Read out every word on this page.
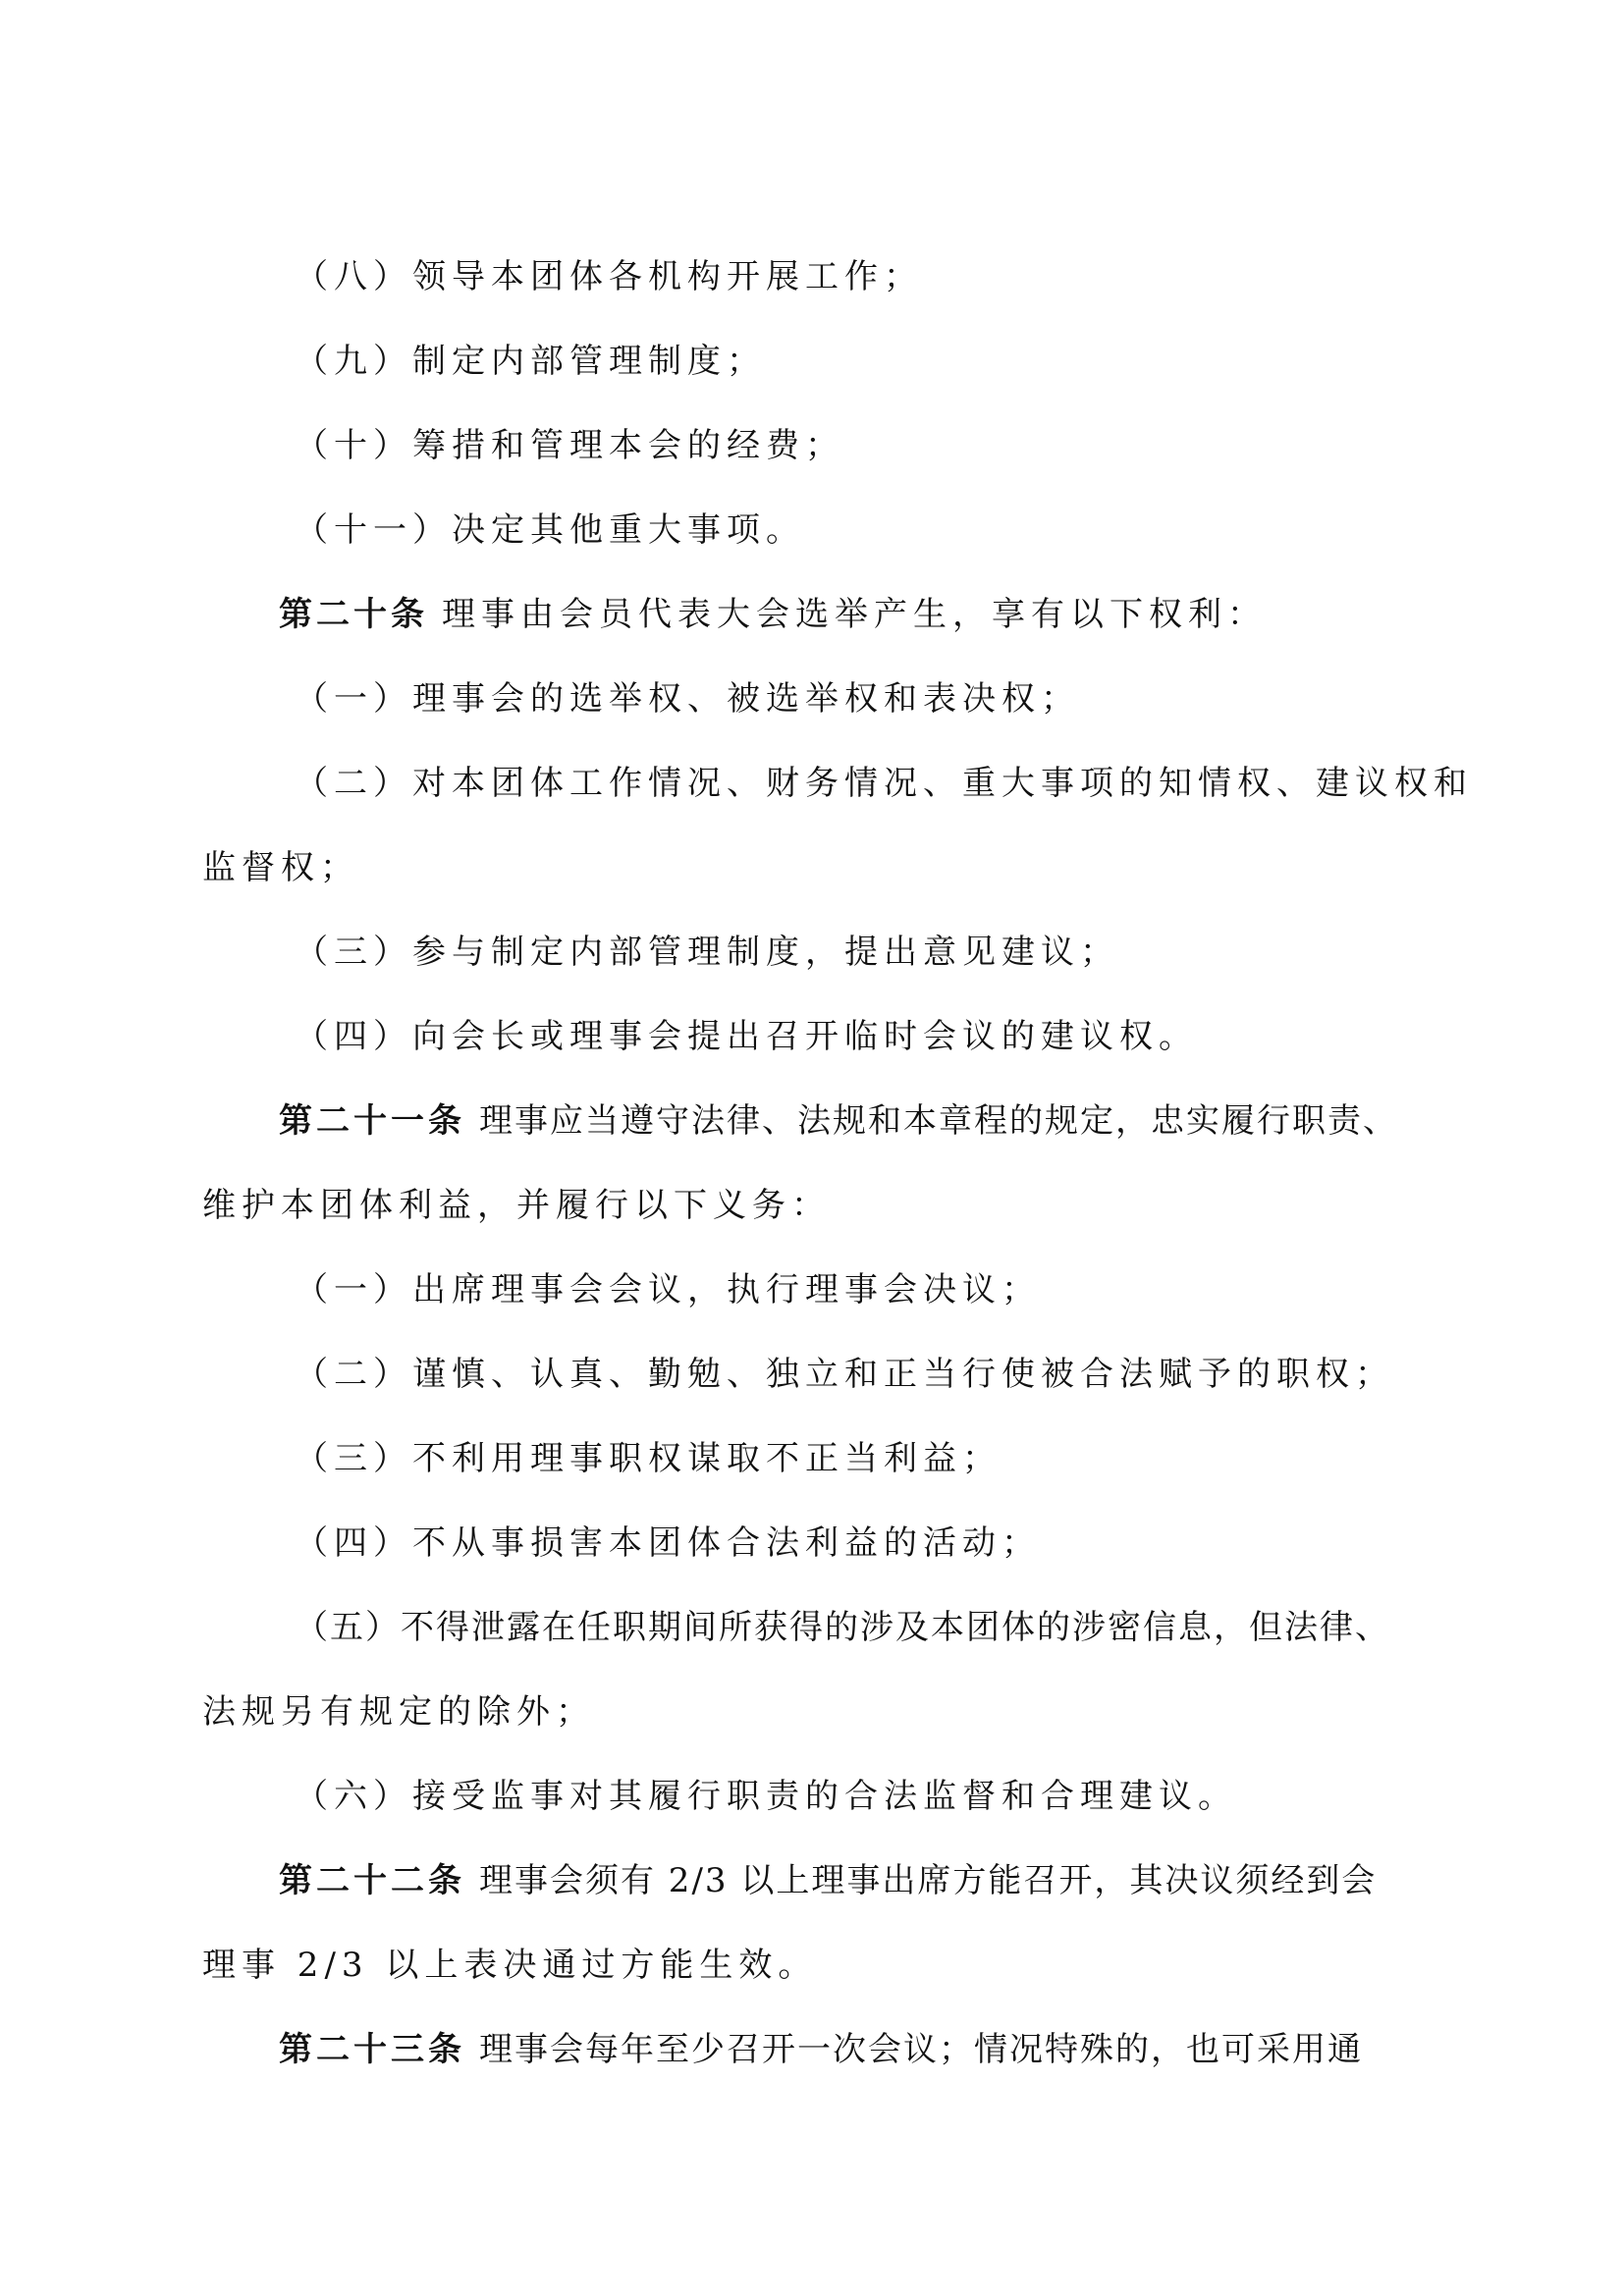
（八）领导本团体各机构开展工作；
（九）制定内部管理制度；
（十）筹措和管理本会的经费；
（十一）决定其他重大事项。
第二十条 理事由会员代表大会选举产生，享有以下权利：
（一）理事会的选举权、被选举权和表决权；
（二）对本团体工作情况、财务情况、重大事项的知情权、建议权和
监督权；
（三）参与制定内部管理制度，提出意见建议；
（四）向会长或理事会提出召开临时会议的建议权。
第二十一条 理事应当遵守法律、法规和本章程的规定，忠实履行职责、
维护本团体利益，并履行以下义务：
（一）出席理事会会议，执行理事会决议；
（二）谨慎、认真、勤勉、独立和正当行使被合法赋予的职权；
（三）不利用理事职权谋取不正当利益；
（四）不从事损害本团体合法利益的活动；
（五）不得泄露在任职期间所获得的涉及本团体的涉密信息，但法律、
法规另有规定的除外；
（六）接受监事对其履行职责的合法监督和合理建议。
第二十二条 理事会须有 2/3 以上理事出席方能召开，其决议须经到会
理事 2/3 以上表决通过方能生效。
第二十三条 理事会每年至少召开一次会议；情况特殊的，也可采用通
